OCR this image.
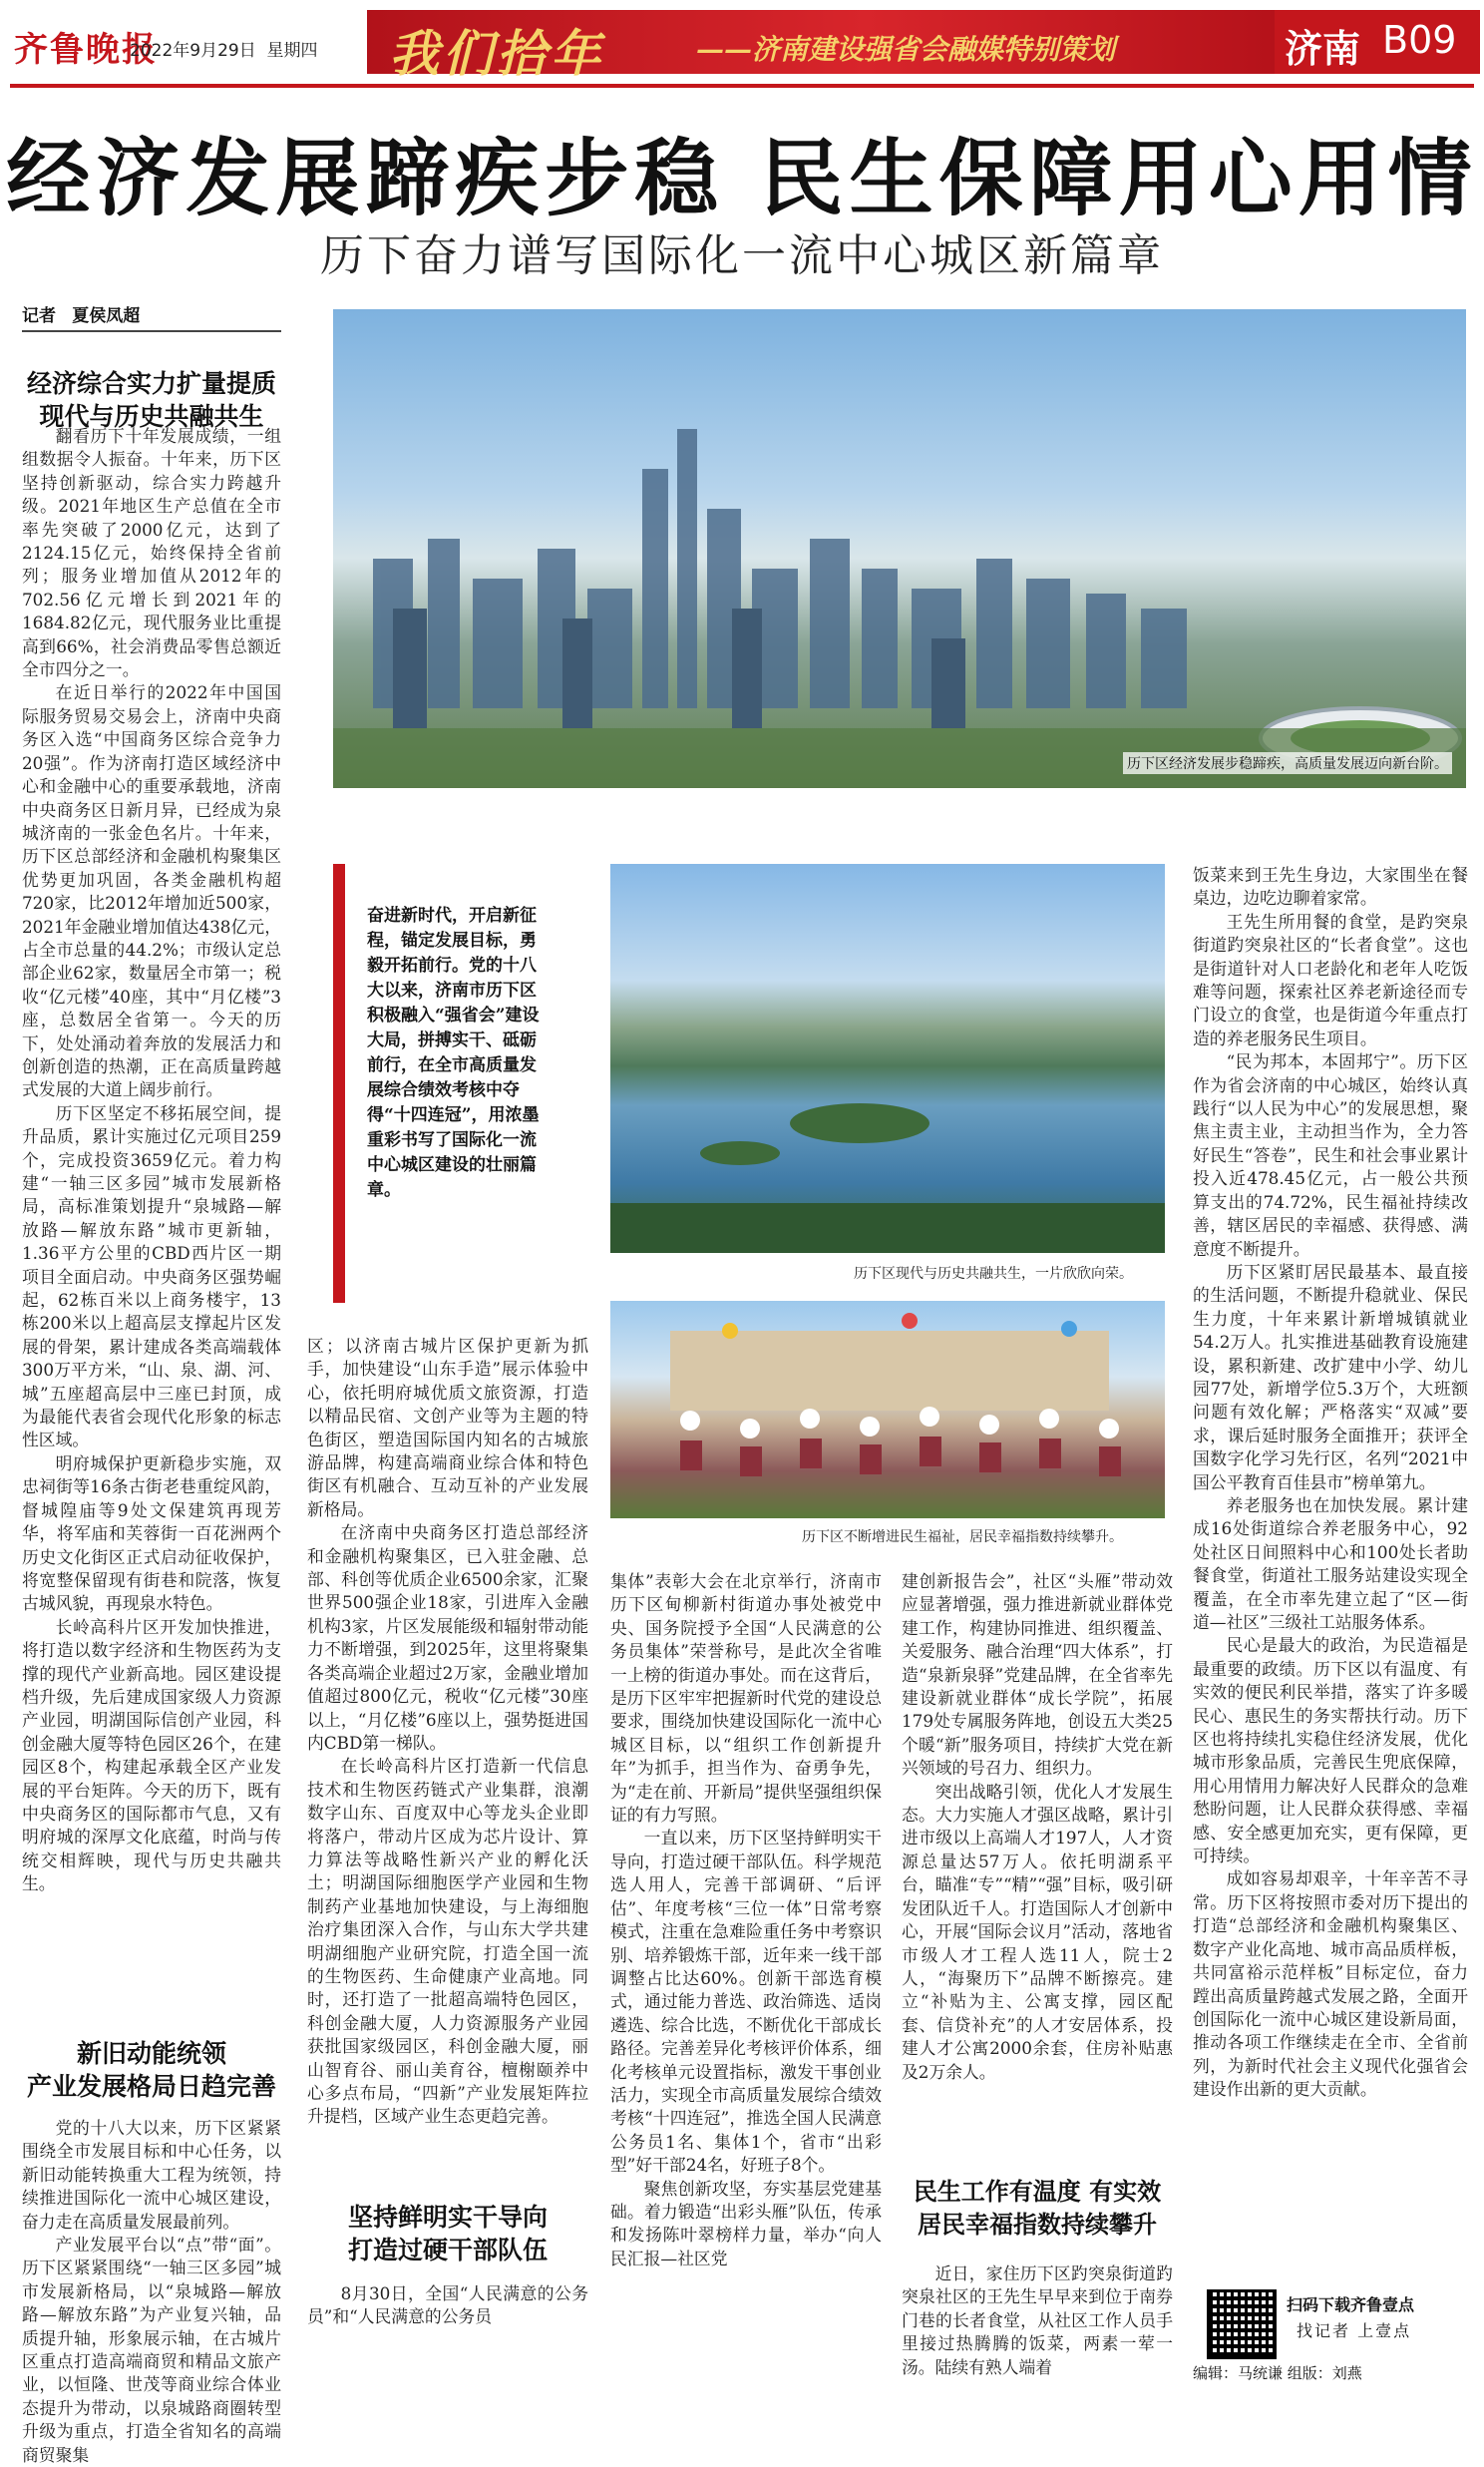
齐鲁晚报
2022年9月29日 星期四 我们拾年	——济南建设强省会融媒特别策划	济南 B09
经济发展蹄疾步稳 民生保障用心用情
历下奋力谱写国际化一流中心城区新篇章
记者 夏侯凤超
经济综合实力扩量提质
现代与历史共融共生

翻看历下十年发展成绩，一组组数据令人振奋。十年来，历下区坚持创新驱动，综合实力跨越升级。2021年地区生产总值在全市率先突破了2000亿元，达到了2124.15亿元，始终保持全省前列；服务业增加值从2012年的702.56亿元增长到2021年的1684.82亿元，现代服务业比重提高到66%，社会消费品零售总额近全市四分之一。

在近日举行的2022年中国国际服务贸易交易会上，济南中央商务区入选“中国商务区综合竞争力20强”。作为济南打造区域经济中心和金融中心的重要承载地，济南中央商务区日新月异，已经成为泉城济南的一张金色名片。十年来，历下区总部经济和金融机构聚集区优势更加巩固，各类金融机构超720家，比2012年增加近500家，2021年金融业增加值达438亿元，占全市总量的44.2%；市级认定总部企业62家，数量居全市第一；税收“亿元楼”40座，其中“月亿楼”3座，总数居全省第一。今天的历下，处处涌动着奔放的发展活力和创新创造的热潮，正在高质量跨越式发展的大道上阔步前行。

历下区坚定不移拓展空间，提升品质，累计实施过亿元项目259个，完成投资3659亿元。着力构建“一轴三区多园”城市发展新格局，高标准策划提升“泉城路—解放路—解放东路”城市更新轴，1.36平方公里的CBD西片区一期项目全面启动。中央商务区强势崛起，62栋百米以上商务楼宇，13栋200米以上超高层支撑起片区发展的骨架，累计建成各类高端载体300万平方米，“山、泉、湖、河、城”五座超高层中三座已封顶，成为最能代表省会现代化形象的标志性区域。

明府城保护更新稳步实施，双忠祠街等16条古街老巷重绽风韵，督城隍庙等9处文保建筑再现芳华，将军庙和芙蓉街一百花洲两个历史文化街区正式启动征收保护，将宽整保留现有街巷和院落，恢复古城风貌，再现泉水特色。

长岭高科片区开发加快推进，将打造以数字经济和生物医药为支撑的现代产业新高地。园区建设提档升级，先后建成国家级人力资源产业园，明湖国际信创产业园，科创金融大厦等特色园区26个，在建园区8个，构建起承载全区产业发展的平台矩阵。今天的历下，既有中央商务区的国际都市气息，又有明府城的深厚文化底蕴，时尚与传统交相辉映，现代与历史共融共生。

新旧动能统领
产业发展格局日趋完善

党的十八大以来，历下区紧紧围绕全市发展目标和中心任务，以新旧动能转换重大工程为统领，持续推进国际化一流中心城区建设，奋力走在高质量发展最前列。

产业发展平台以“点”带“面”。历下区紧紧围绕“一轴三区多园”城市发展新格局，以“泉城路—解放路—解放东路”为产业复兴轴，品质提升轴，形象展示轴，在古城片区重点打造高端商贸和精品文旅产业，以恒隆、世茂等商业综合体业态提升为带动，以泉城路商圈转型升级为重点，打造全省知名的高端商贸聚集

历下区经济发展步稳蹄疾，高质量发展迈向新台阶。
奋进新时代，开启新征程，锚定发展目标，勇毅开拓前行。党的十八大以来，济南市历下区积极融入“强省会”建设大局，拼搏实干、砥砺前行，在全市高质量发展综合绩效考核中夺得“十四连冠”，用浓墨重彩书写了国际化一流中心城区建设的壮丽篇章。
历下区现代与历史共融共生，一片欣欣向荣。
历下区不断增进民生福祉，居民幸福指数持续攀升。

区；以济南古城片区保护更新为抓手，加快建设“山东手造”展示体验中心，依托明府城优质文旅资源，打造以精品民宿、文创产业等为主题的特色街区，塑造国际国内知名的古城旅游品牌，构建高端商业综合体和特色街区有机融合、互动互补的产业发展新格局。

在济南中央商务区打造总部经济和金融机构聚集区，已入驻金融、总部、科创等优质企业6500余家，汇聚世界500强企业18家，引进库入金融机构3家，片区发展能级和辐射带动能力不断增强，到2025年，这里将聚集各类高端企业超过2万家，金融业增加值超过800亿元，税收“亿元楼”30座以上，“月亿楼”6座以上，强势挺进国内CBD第一梯队。

在长岭高科片区打造新一代信息技术和生物医药链式产业集群，浪潮数字山东、百度双中心等龙头企业即将落户，带动片区成为芯片设计、算力算法等战略性新兴产业的孵化沃土；明湖国际细胞医学产业园和生物制药产业基地加快建设，与上海细胞治疗集团深入合作，与山东大学共建明湖细胞产业研究院，打造全国一流的生物医药、生命健康产业高地。同时，还打造了一批超高端特色园区，科创金融大厦，人力资源服务产业园获批国家级园区，科创金融大厦，丽山智育谷、丽山美育谷，檀榭颐养中心多点布局，“四新”产业发展矩阵拉升提档，区域产业生态更趋完善。

坚持鲜明实干导向
打造过硬干部队伍

8月30日，全国“人民满意的公务员”和“人民满意的公务员

集体”表彰大会在北京举行，济南市历下区甸柳新村街道办事处被党中央、国务院授予全国“人民满意的公务员集体”荣誉称号，是此次全省唯一上榜的街道办事处。而在这背后，是历下区牢牢把握新时代党的建设总要求，围绕加快建设国际化一流中心城区目标，以“组织工作创新提升年”为抓手，担当作为、奋勇争先，为“走在前、开新局”提供坚强组织保证的有力写照。

一直以来，历下区坚持鲜明实干导向，打造过硬干部队伍。科学规范选人用人，完善干部调研、“后评估”、年度考核“三位一体”日常考察模式，注重在急难险重任务中考察识别、培养锻炼干部，近年来一线干部调整占比达60%。创新干部选育模式，通过能力普选、政治筛选、适岗遴选、综合比选，不断优化干部成长路径。完善差异化考核评价体系，细化考核单元设置指标，激发干事创业活力，实现全市高质量发展综合绩效考核“十四连冠”，推选全国人民满意公务员1名、集体1个，省市“出彩型”好干部24名，好班子8个。

聚焦创新攻坚，夯实基层党建基础。着力锻造“出彩头雁”队伍，传承和发扬陈叶翠榜样力量，举办“向人民汇报—社区党

建创新报告会”，社区“头雁”带动效应显著增强，强力推进新就业群体党建工作，构建协同推进、组织覆盖、关爱服务、融合治理“四大体系”，打造“泉新泉驿”党建品牌，在全省率先建设新就业群体“成长学院”，拓展179处专属服务阵地，创设五大类25个暖“新”服务项目，持续扩大党在新兴领域的号召力、组织力。

突出战略引领，优化人才发展生态。大力实施人才强区战略，累计引进市级以上高端人才197人，人才资源总量达57万人。依托明湖系平台，瞄准“专”“精”“强”目标，吸引研发团队近千人。打造国际人才创新中心，开展“国际会议月”活动，落地省市级人才工程人选11人，院士2人，“海聚历下”品牌不断擦亮。建立“补贴为主、公寓支撑，园区配套、信贷补充”的人才安居体系，投建人才公寓2000余套，住房补贴惠及2万余人。

民生工作有温度 有实效
居民幸福指数持续攀升

近日，家住历下区趵突泉街道趵突泉社区的王先生早早来到位于南券门巷的长者食堂，从社区工作人员手里接过热腾腾的饭菜，两素一荤一汤。陆续有熟人端着

饭菜来到王先生身边，大家围坐在餐桌边，边吃边聊着家常。

王先生所用餐的食堂，是趵突泉街道趵突泉社区的“长者食堂”。这也是街道针对人口老龄化和老年人吃饭难等问题，探索社区养老新途径而专门设立的食堂，也是街道今年重点打造的养老服务民生项目。

“民为邦本，本固邦宁”。历下区作为省会济南的中心城区，始终认真践行“以人民为中心”的发展思想，聚焦主责主业，主动担当作为，全力答好民生“答卷”，民生和社会事业累计投入近478.45亿元，占一般公共预算支出的74.72%，民生福祉持续改善，辖区居民的幸福感、获得感、满意度不断提升。

历下区紧盯居民最基本、最直接的生活问题，不断提升稳就业、保民生力度，十年来累计新增城镇就业54.2万人。扎实推进基础教育设施建设，累积新建、改扩建中小学、幼儿园77处，新增学位5.3万个，大班额问题有效化解；严格落实“双减”要求，课后延时服务全面推开；获评全国数字化学习先行区，名列“2021中国公平教育百佳县市”榜单第九。

养老服务也在加快发展。累计建成16处街道综合养老服务中心，92处社区日间照料中心和100处长者助餐食堂，街道社工服务站建设实现全覆盖，在全市率先建立起了“区—街道—社区”三级社工站服务体系。

民心是最大的政治，为民造福是最重要的政绩。历下区以有温度、有实效的便民利民举措，落实了许多暖民心、惠民生的务实帮扶行动。历下区也将持续扎实稳住经济发展，优化城市形象品质，完善民生兜底保障，用心用情用力解决好人民群众的急难愁盼问题，让人民群众获得感、幸福感、安全感更加充实，更有保障，更可持续。

成如容易却艰辛，十年辛苦不寻常。历下区将按照市委对历下提出的打造“总部经济和金融机构聚集区、数字产业化高地、城市高品质样板，共同富裕示范样板”目标定位，奋力蹚出高质量跨越式发展之路，全面开创国际化一流中心城区建设新局面，推动各项工作继续走在全市、全省前列，为新时代社会主义现代化强省会建设作出新的更大贡献。

扫码下载齐鲁壹点
找记者 上壹点
编辑：马统谦 组版：刘燕
